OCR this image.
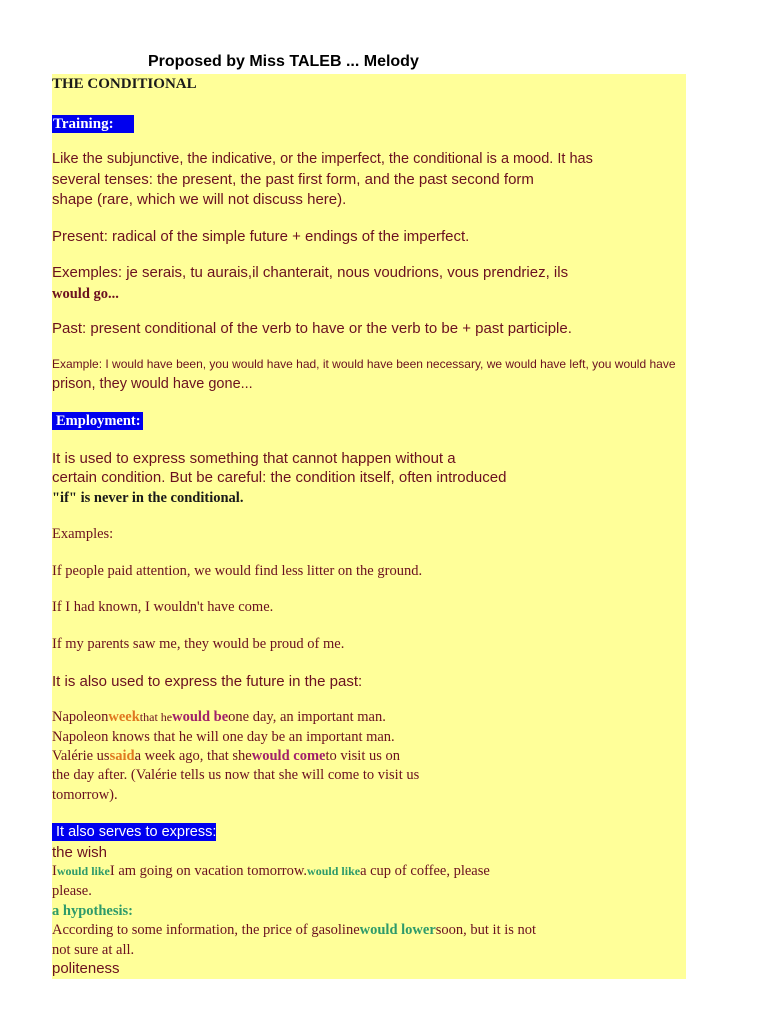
Proposed by Miss TALEB ... Melody
THE CONDITIONAL
Training:
Like the subjunctive, the indicative, or the imperfect, the conditional is a mood. It has
several tenses: the present, the past first form, and the past second form
shape (rare, which we will not discuss here).
Present: radical of the simple future + endings of the imperfect.
Exemples: je serais, tu aurais,il chanterait, nous voudrions, vous prendriez, ils
would go...
Past: present conditional of the verb to have or the verb to be + past participle.
Example: I would have been, you would have had, it would have been necessary, we would have left, you would have
prison, they would have gone...
Employment:
It is used to express something that cannot happen without a
certain condition. But be careful: the condition itself, often introduced
"if" is never in the conditional.
Examples:
If people paid attention, we would find less litter on the ground.
If I had known, I wouldn't have come.
If my parents saw me, they would be proud of me.
It is also used to express the future in the past:
Napoleonweekthat hewould beone day, an important man.
Napoleon knows that he will one day be an important man.
Valérie ussaida week ago, that shewould cometo visit us on
the day after. (Valérie tells us now that she will come to visit us
tomorrow).
It also serves to express:
the wish
Iwould likeI am going on vacation tomorrow.would likea cup of coffee, please
please.
a hypothesis:
According to some information, the price of gasolinewould lowersoon, but it is not
not sure at all.
politeness
